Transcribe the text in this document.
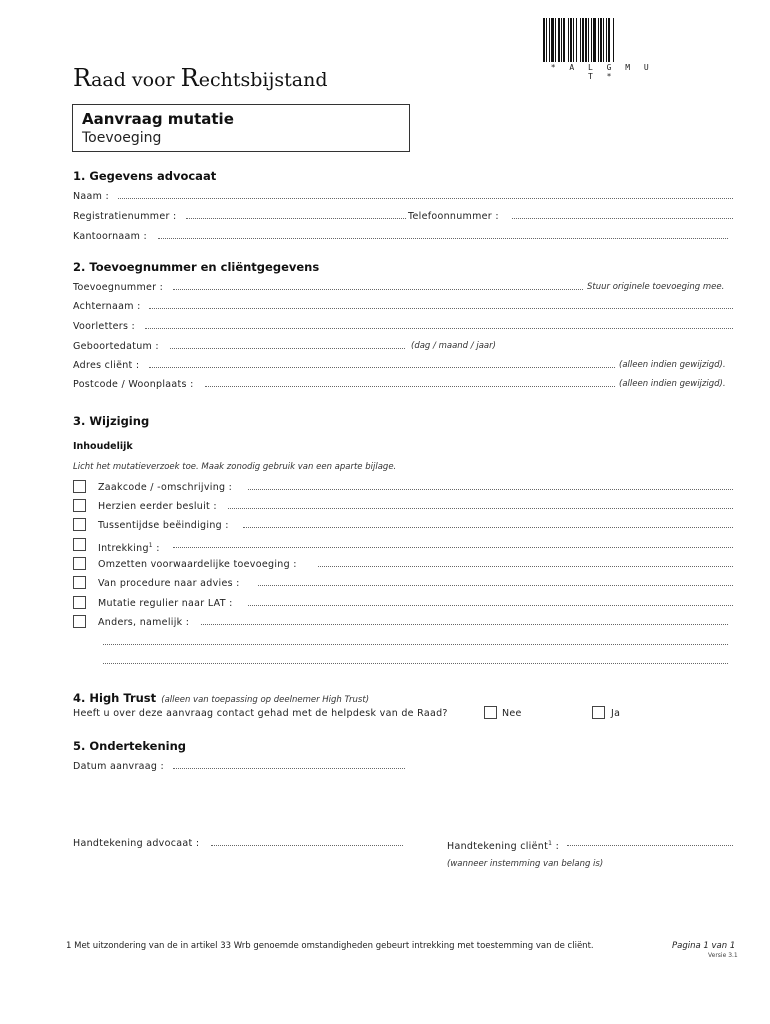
* A L G M U T *
Raad voor Rechtsbijstand
Aanvraag mutatie
Toevoeging
1. Gegevens advocaat
Naam :
Registratienummer :	Telefoonnummer :
Kantoornaam :
2. Toevoegnummer en cliëntgegevens
Toevoegnummer :	Stuur originele toevoeging mee.
Achternaam :
Voorletters :
Geboortedatum :	(dag / maand / jaar)
Adres cliënt :	(alleen indien gewijzigd).
Postcode / Woonplaats :	(alleen indien gewijzigd).
3. Wijziging
Inhoudelijk
Licht het mutatieverzoek toe. Maak zonodig gebruik van een aparte bijlage.
Zaakcode / -omschrijving :
Herzien eerder besluit :
Tussentijdse beëindiging :
Intrekking$^1$ :
Omzetten voorwaardelijke toevoeging :
Van procedure naar advies :
Mutatie regulier naar LAT :
Anders, namelijk :
4. High Trust (alleen van toepassing op deelnemer High Trust)
Heeft u over deze aanvraag contact gehad met de helpdesk van de Raad?	Nee	Ja
5. Ondertekening
Datum aanvraag :
Handtekening advocaat :	Handtekening cliënt$^1$ :
(wanneer instemming van belang is)
1 Met uitzondering van de in artikel 33 Wrb genoemde omstandigheden gebeurt intrekking met toestemming van de cliënt.	Pagina 1 van 1
Versie 3.1
